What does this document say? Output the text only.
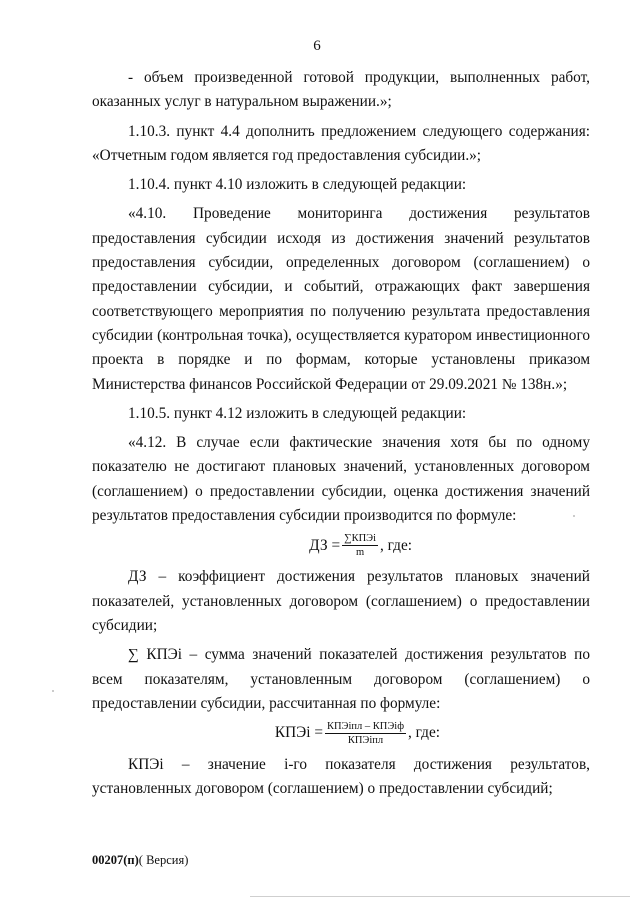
6

- объем произведенной готовой продукции, выполненных работ, оказанных услуг в натуральном выражении.»;

1.10.3. пункт 4.4 дополнить предложением следующего содержания: «Отчетным годом является год предоставления субсидии.»;

1.10.4. пункт 4.10 изложить в следующей редакции:

«4.10. Проведение мониторинга достижения результатов предоставления субсидии исходя из достижения значений результатов предоставления субсидии, определенных договором (соглашением) о предоставлении субсидии, и событий, отражающих факт завершения соответствующего мероприятия по получению результата предоставления субсидии (контрольная точка), осуществляется куратором инвестиционного проекта в порядке и по формам, которые установлены приказом Министерства финансов Российской Федерации от 29.09.2021 № 138н.»;

1.10.5. пункт 4.12 изложить в следующей редакции:

«4.12. В случае если фактические значения хотя бы по одному показателю не достигают плановых значений, установленных договором (соглашением) о предоставлении субсидии, оценка достижения значений результатов предоставления субсидии производится по формуле:

ДЗ = $\frac{\text{∑КПЭi}}{m}$ , где:

ДЗ – коэффициент достижения результатов плановых значений показателей, установленных договором (соглашением) о предоставлении субсидии;

∑ КПЭi – сумма значений показателей достижения результатов по всем показателям, установленным договором (соглашением) о предоставлении субсидии, рассчитанная по формуле:

КПЭi = $\frac{\text{КПЭiпл – КПЭiф}}{\text{КПЭiпл}}$ , где:

КПЭi – значение i-го показателя достижения результатов, установленных договором (соглашением) о предоставлении субсидий;

00207(п)( Версия)
